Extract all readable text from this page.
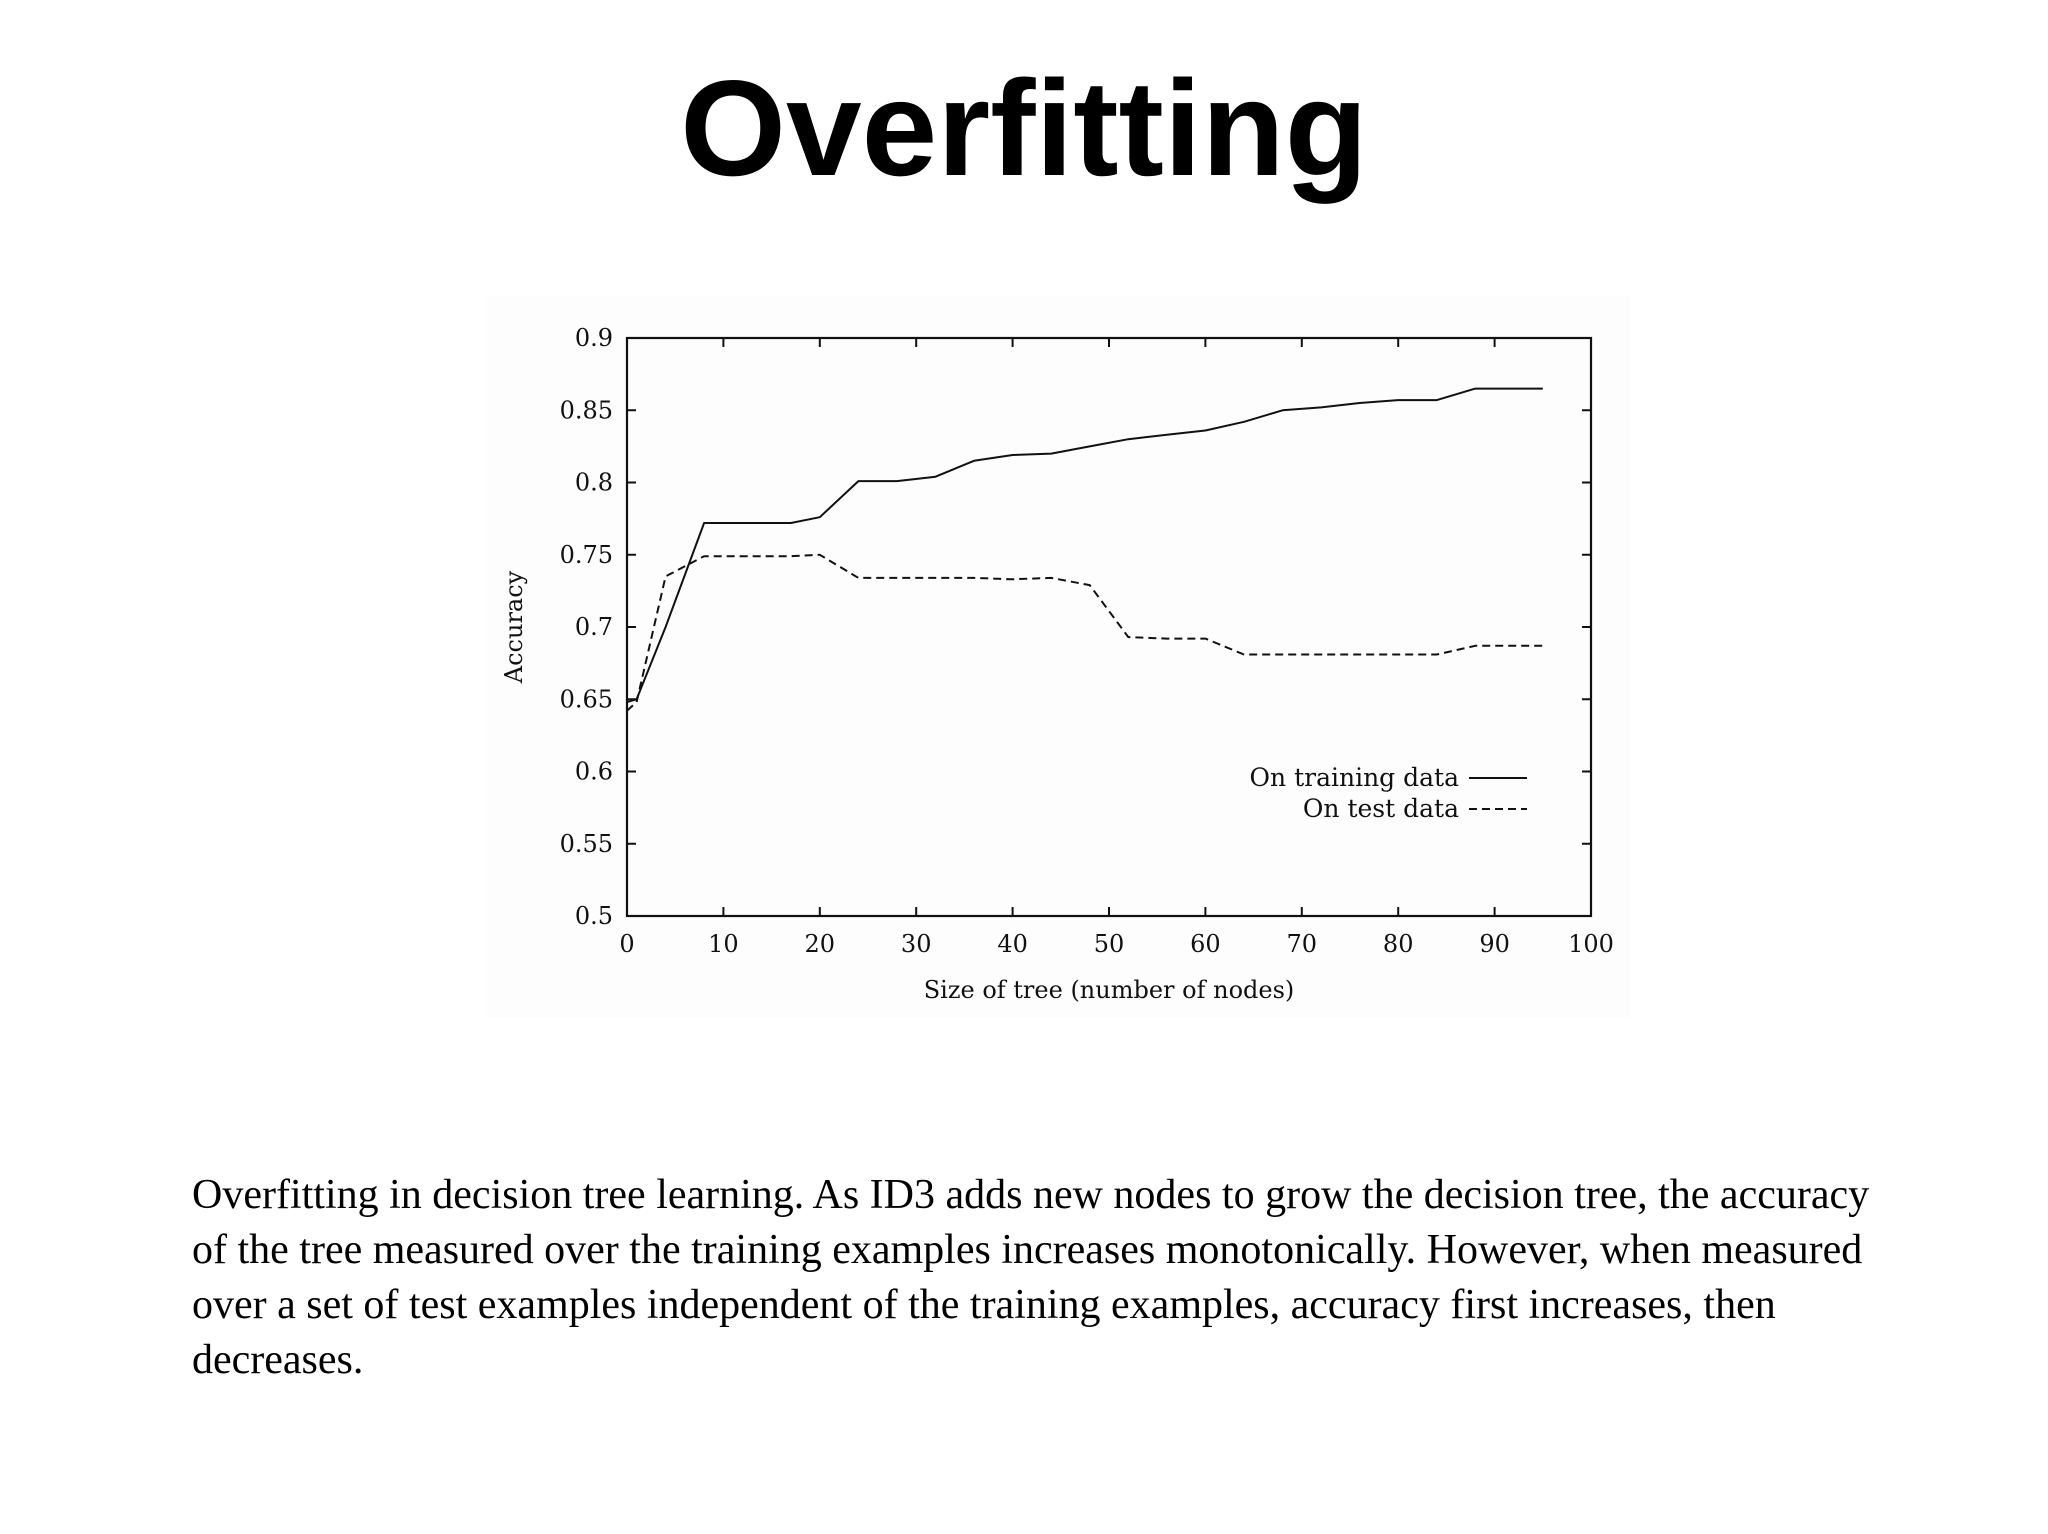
Overfitting
0	10	20	30	40	50	60	70	80	90 100
0.5
0.55
0.6
0.65
0.7
0.75
0.8
0.85
0.9
On training data
On test data
Size of tree (number of nodes)
Accuracy

Overfitting in decision tree learning. As ID3 adds new nodes to grow the decision tree, the accuracy of the tree measured over the training examples increases monotonically. However, when measured over a set of test examples independent of the training examples, accuracy first increases, then decreases.
